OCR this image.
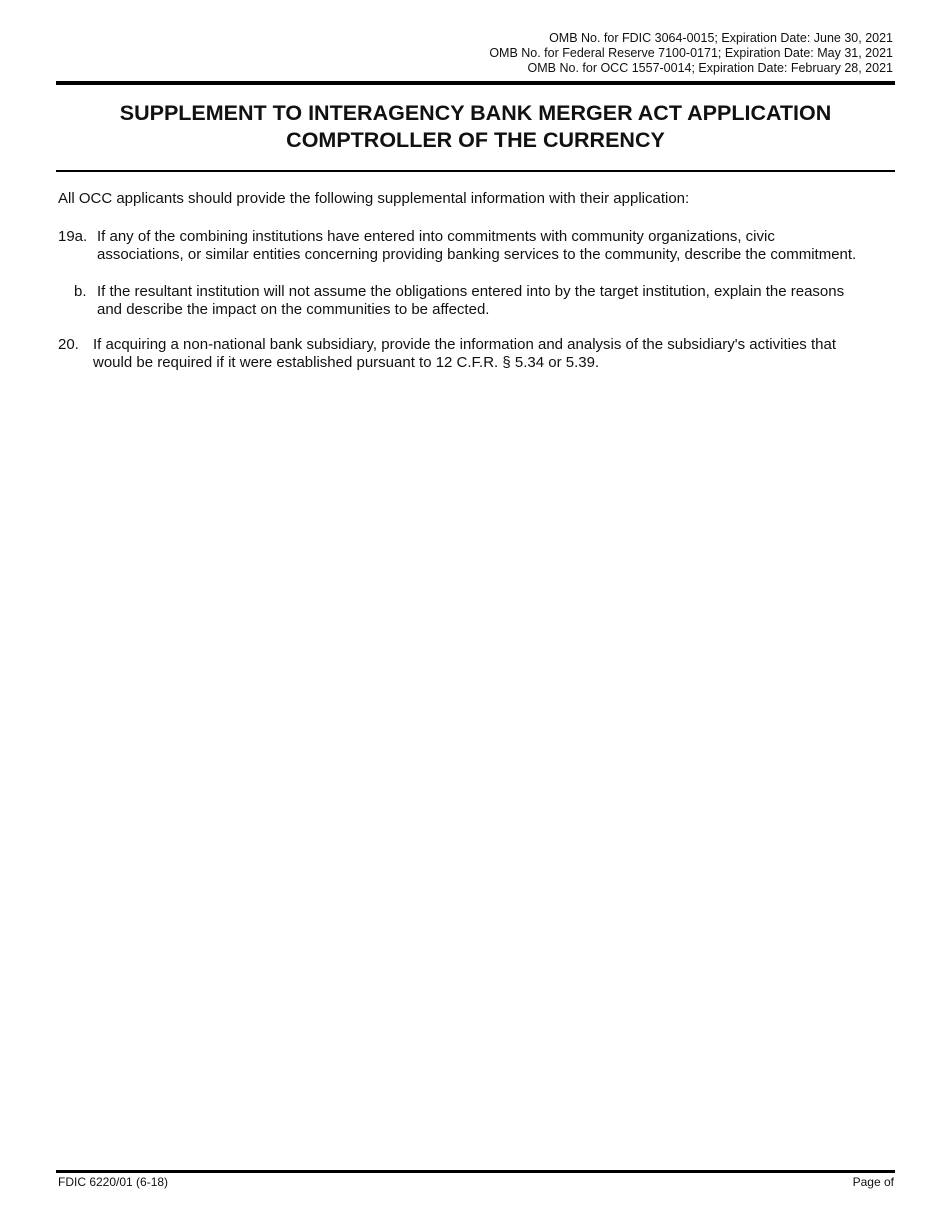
OMB No. for FDIC 3064-0015; Expiration Date: June 30, 2021
OMB No. for Federal Reserve 7100-0171; Expiration Date: May 31, 2021
OMB No. for OCC 1557-0014; Expiration Date: February 28, 2021
SUPPLEMENT TO INTERAGENCY BANK MERGER ACT APPLICATION
COMPTROLLER OF THE CURRENCY
All OCC applicants should provide the following supplemental information with their application:
19a. If any of the combining institutions have entered into commitments with community organizations, civic
associations, or similar entities concerning providing banking services to the community, describe the commitment.
b. If the resultant institution will not assume the obligations entered into by the target institution, explain the reasons
and describe the impact on the communities to be affected.
20. If acquiring a non-national bank subsidiary, provide the information and analysis of the subsidiary's activities that
would be required if it were established pursuant to 12 C.F.R. § 5.34 or 5.39.
FDIC 6220/01 (6-18)	Page of
